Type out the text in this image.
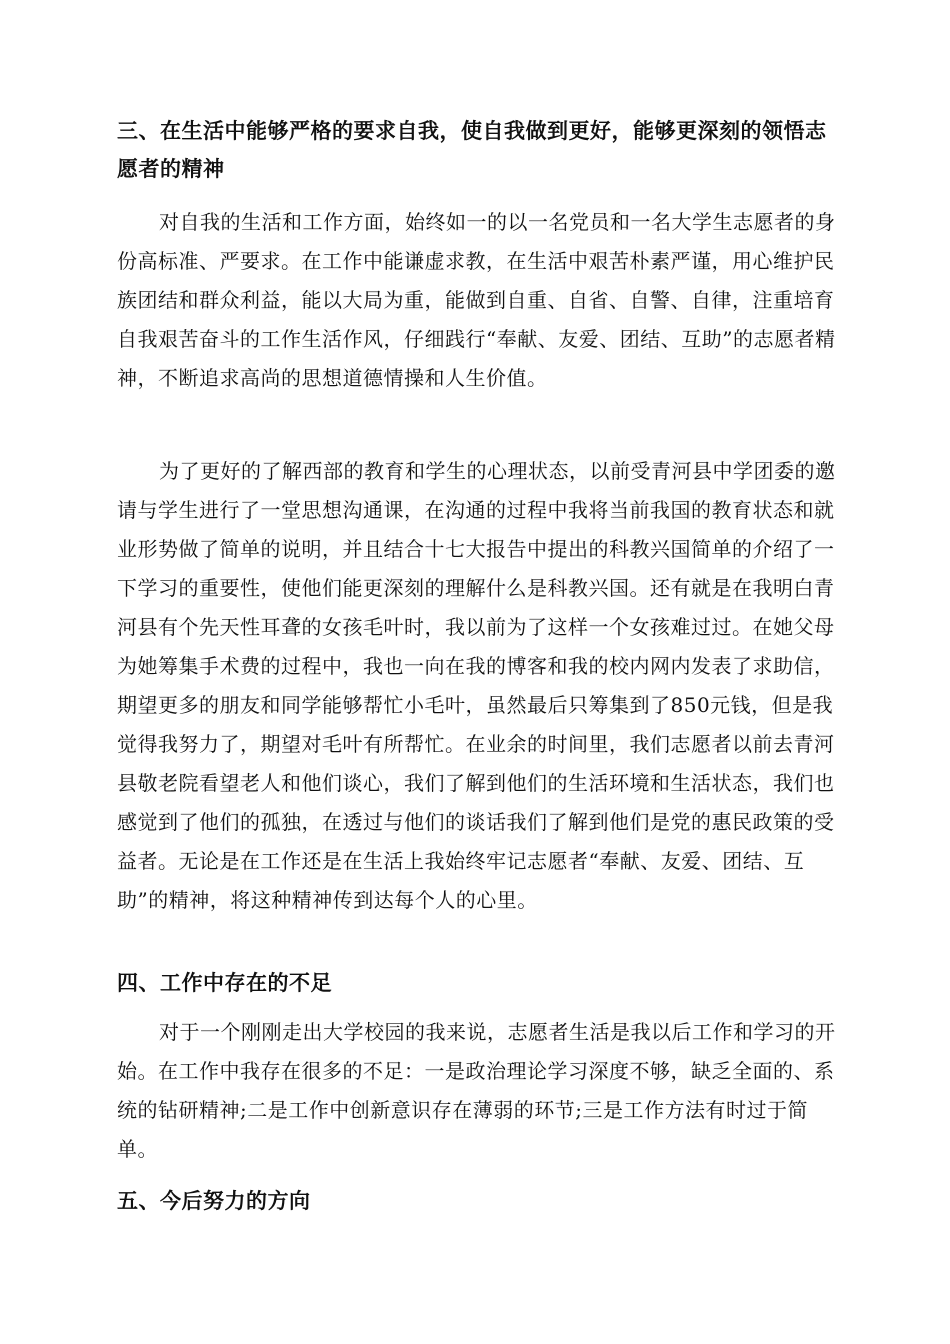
三、在生活中能够严格的要求自我，使自我做到更好，能够更深刻的领悟志愿者的精神

对自我的生活和工作方面，始终如一的以一名党员和一名大学生志愿者的身份高标准、严要求。在工作中能谦虚求教，在生活中艰苦朴素严谨，用心维护民族团结和群众利益，能以大局为重，能做到自重、自省、自警、自律，注重培育自我艰苦奋斗的工作生活作风，仔细践行“奉献、友爱、团结、互助”的志愿者精神，不断追求高尚的思想道德情操和人生价值。

为了更好的了解西部的教育和学生的心理状态，以前受青河县中学团委的邀请与学生进行了一堂思想沟通课，在沟通的过程中我将当前我国的教育状态和就业形势做了简单的说明，并且结合十七大报告中提出的科教兴国简单的介绍了一下学习的重要性，使他们能更深刻的理解什么是科教兴国。还有就是在我明白青河县有个先天性耳聋的女孩毛叶时，我以前为了这样一个女孩难过过。在她父母为她筹集手术费的过程中，我也一向在我的博客和我的校内网内发表了求助信，期望更多的朋友和同学能够帮忙小毛叶，虽然最后只筹集到了850元钱，但是我觉得我努力了，期望对毛叶有所帮忙。在业余的时间里，我们志愿者以前去青河县敬老院看望老人和他们谈心，我们了解到他们的生活环境和生活状态，我们也感觉到了他们的孤独，在透过与他们的谈话我们了解到他们是党的惠民政策的受益者。无论是在工作还是在生活上我始终牢记志愿者“奉献、友爱、团结、互助”的精神，将这种精神传到达每个人的心里。

四、工作中存在的不足

对于一个刚刚走出大学校园的我来说，志愿者生活是我以后工作和学习的开始。在工作中我存在很多的不足：一是政治理论学习深度不够，缺乏全面的、系统的钻研精神;二是工作中创新意识存在薄弱的环节;三是工作方法有时过于简单。

五、今后努力的方向
